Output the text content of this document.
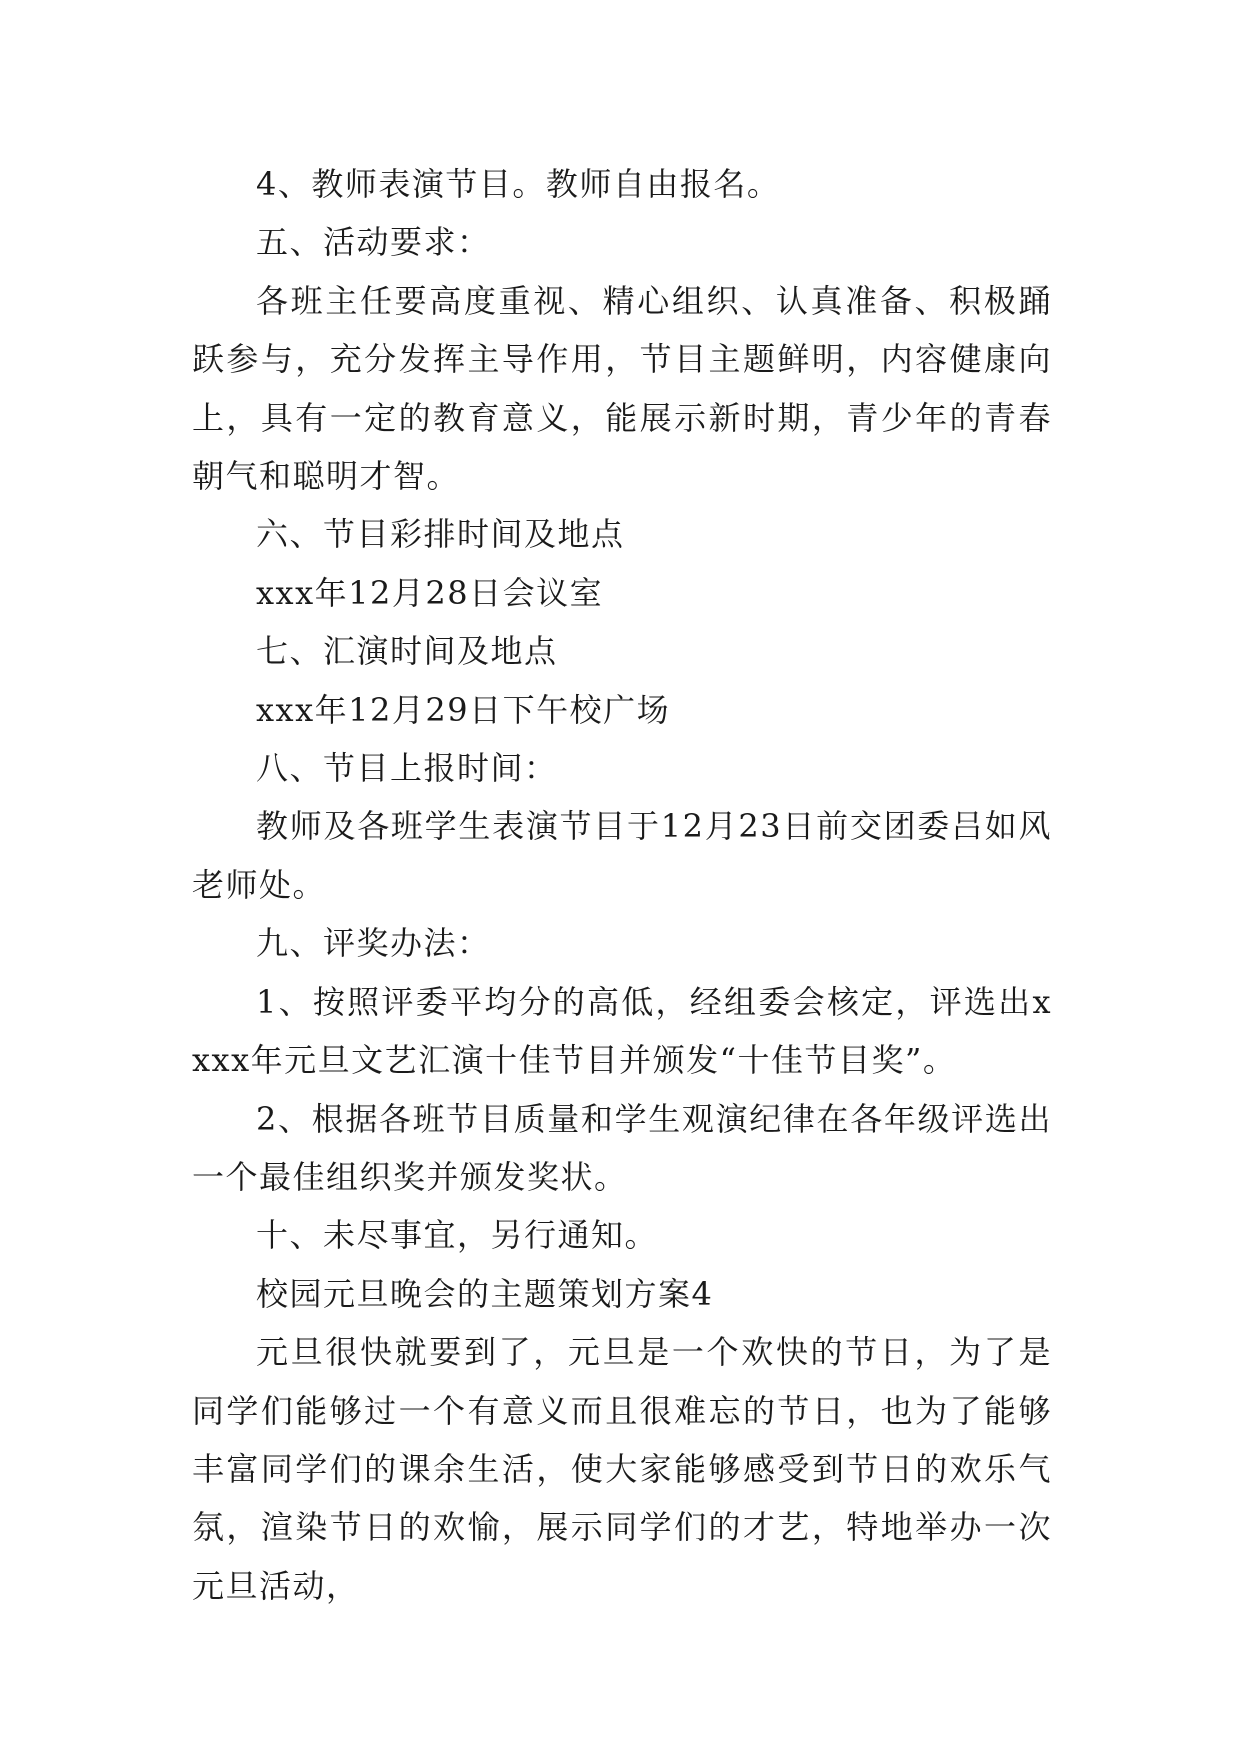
4、教师表演节目。教师自由报名。

五、活动要求：

各班主任要高度重视、精心组织、认真准备、积极踊跃参与，充分发挥主导作用，节目主题鲜明，内容健康向上，具有一定的教育意义，能展示新时期，青少年的青春朝气和聪明才智。

六、节目彩排时间及地点

xxx年12月28日会议室

七、汇演时间及地点

xxx年12月29日下午校广场

八、节目上报时间：

教师及各班学生表演节目于12月23日前交团委吕如风老师处。

九、评奖办法：

1、按照评委平均分的高低，经组委会核定，评选出xxxx年元旦文艺汇演十佳节目并颁发“十佳节目奖”。

2、根据各班节目质量和学生观演纪律在各年级评选出一个最佳组织奖并颁发奖状。

十、未尽事宜，另行通知。

校园元旦晚会的主题策划方案4

元旦很快就要到了，元旦是一个欢快的节日，为了是同学们能够过一个有意义而且很难忘的节日，也为了能够丰富同学们的课余生活，使大家能够感受到节日的欢乐气氛，渲染节日的欢愉，展示同学们的才艺，特地举办一次元旦活动，
